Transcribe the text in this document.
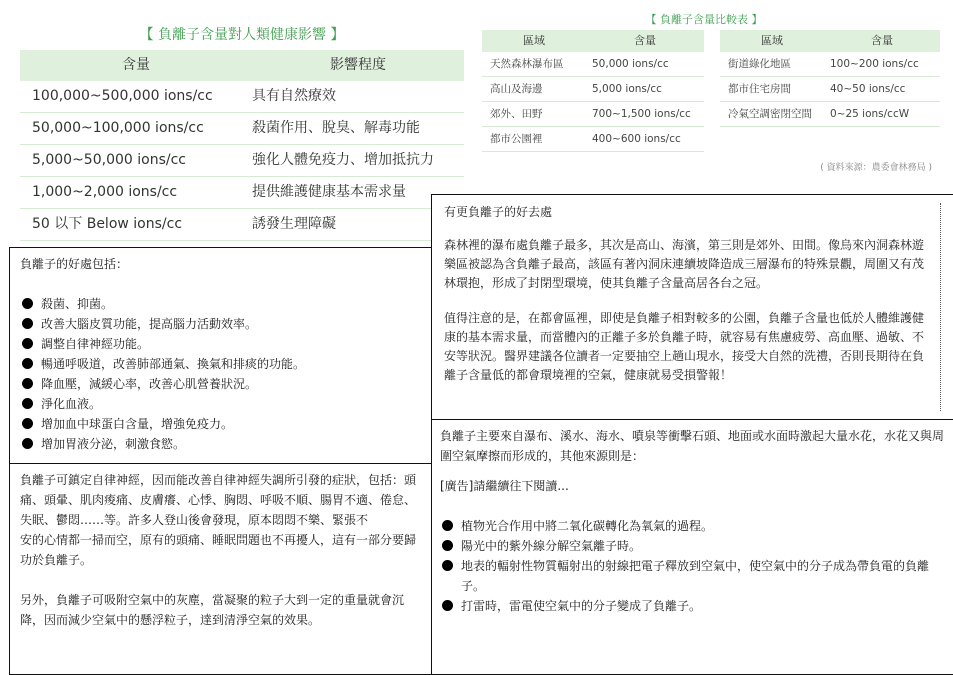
【 負離子含量對人類健康影響 】
含量	影響程度
100,000~500,000 ions/cc	具有自然療效
50,000~100,000 ions/cc	殺菌作用、脫臭、解毒功能
5,000~50,000 ions/cc	強化人體免疫力、增加抵抗力
1,000~2,000 ions/cc	提供維護健康基本需求量
50 以下 Below ions/cc	誘發生理障礙
【 負離子含量比較表 】
區域	含量
天然森林瀑布區	50,000 ions/cc
高山及海邊	5,000 ions/cc
郊外、田野	700~1,500 ions/cc
都市公園裡	400~600 ions/cc
區域	含量
街道綠化地區	100~200 ions/cc
都市住宅房間	40~50 ions/cc
冷氣空調密閉空間	0~25 ions/ccW
( 資料來源：農委會林務局 )

負離子的好處包括：

殺菌、抑菌。
改善大腦皮質功能，提高腦力活動效率。
調整自律神經功能。
暢通呼吸道，改善肺部通氣、換氣和排痰的功能。
降血壓，減緩心率，改善心肌營養狀況。
淨化血液。
增加血中球蛋白含量，增強免疫力。
增加胃液分泌，刺激食慾。

負離子可鎮定自律神經，因而能改善自律神經失調所引發的症狀，包括：頭痛、頭暈、肌肉痠痛、皮膚癢、心悸、胸悶、呼吸不順、腸胃不適、倦怠、失眠、鬱悶……等。許多人登山後會發現，原本悶悶不樂、緊張不

安的心情都一掃而空，原有的頭痛、睡眠問題也不再擾人，這有一部分要歸功於負離子。

另外，負離子可吸附空氣中的灰塵，當凝聚的粒子大到一定的重量就會沉降，因而減少空氣中的懸浮粒子，達到清淨空氣的效果。

有更負離子的好去處

森林裡的瀑布處負離子最多，其次是高山、海濱，第三則是郊外、田間。像烏來內洞森林遊樂區被認為含負離子最高，該區有著內洞床連續坡降造成三層瀑布的特殊景觀，周圍又有茂林環抱，形成了封閉型環境，使其負離子含量高居各台之冠。

值得注意的是，在都會區裡，即使是負離子相對較多的公園，負離子含量也低於人體維護健康的基本需求量，而當體內的正離子多於負離子時，就容易有焦慮疲勞、高血壓、過敏、不安等狀況。醫界建議各位讀者一定要抽空上趟山現水，接受大自然的洗禮，否則長期待在負離子含量低的都會環境裡的空氣，健康就易受損警報！

負離子主要來自瀑布、溪水、海水、噴泉等衝擊石頭、地面或水面時激起大量水花，水花又與周圍空氣摩擦而形成的，其他來源則是：

[廣告]請繼續往下閱讀...

植物光合作用中將二氧化碳轉化為氧氣的過程。
陽光中的紫外線分解空氣離子時。
地表的輻射性物質輻射出的射線把電子釋放到空氣中，使空氣中的分子成為帶負電的負離子。
打雷時，雷電使空氣中的分子變成了負離子。
